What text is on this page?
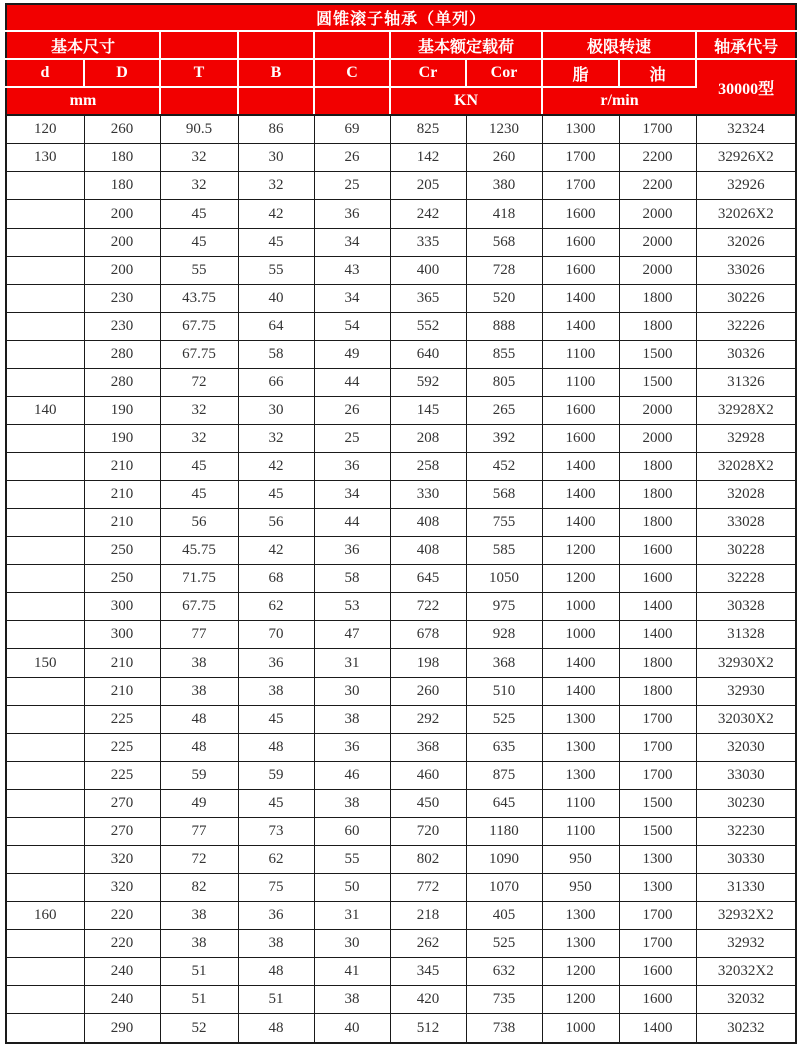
圆锥滚子轴承（单列）									
基本尺寸					基本额定载荷		极限转速		轴承代号
d	D	T	B	C	Cr	Cor	脂	油	30000型
mm					KN		r/min		
120	260	90.5	86	69	825	1230	1300	1700	32324
130	180	32	30	26	142	260	1700	2200	32926X2
	180	32	32	25	205	380	1700	2200	32926
	200	45	42	36	242	418	1600	2000	32026X2
	200	45	45	34	335	568	1600	2000	32026
	200	55	55	43	400	728	1600	2000	33026
	230	43.75	40	34	365	520	1400	1800	30226
	230	67.75	64	54	552	888	1400	1800	32226
	280	67.75	58	49	640	855	1100	1500	30326
	280	72	66	44	592	805	1100	1500	31326
140	190	32	30	26	145	265	1600	2000	32928X2
	190	32	32	25	208	392	1600	2000	32928
	210	45	42	36	258	452	1400	1800	32028X2
	210	45	45	34	330	568	1400	1800	32028
	210	56	56	44	408	755	1400	1800	33028
	250	45.75	42	36	408	585	1200	1600	30228
	250	71.75	68	58	645	1050	1200	1600	32228
	300	67.75	62	53	722	975	1000	1400	30328
	300	77	70	47	678	928	1000	1400	31328
150	210	38	36	31	198	368	1400	1800	32930X2
	210	38	38	30	260	510	1400	1800	32930
	225	48	45	38	292	525	1300	1700	32030X2
	225	48	48	36	368	635	1300	1700	32030
	225	59	59	46	460	875	1300	1700	33030
	270	49	45	38	450	645	1100	1500	30230
	270	77	73	60	720	1180	1100	1500	32230
	320	72	62	55	802	1090	950	1300	30330
	320	82	75	50	772	1070	950	1300	31330
160	220	38	36	31	218	405	1300	1700	32932X2
	220	38	38	30	262	525	1300	1700	32932
	240	51	48	41	345	632	1200	1600	32032X2
	240	51	51	38	420	735	1200	1600	32032
	290	52	48	40	512	738	1000	1400	30232
